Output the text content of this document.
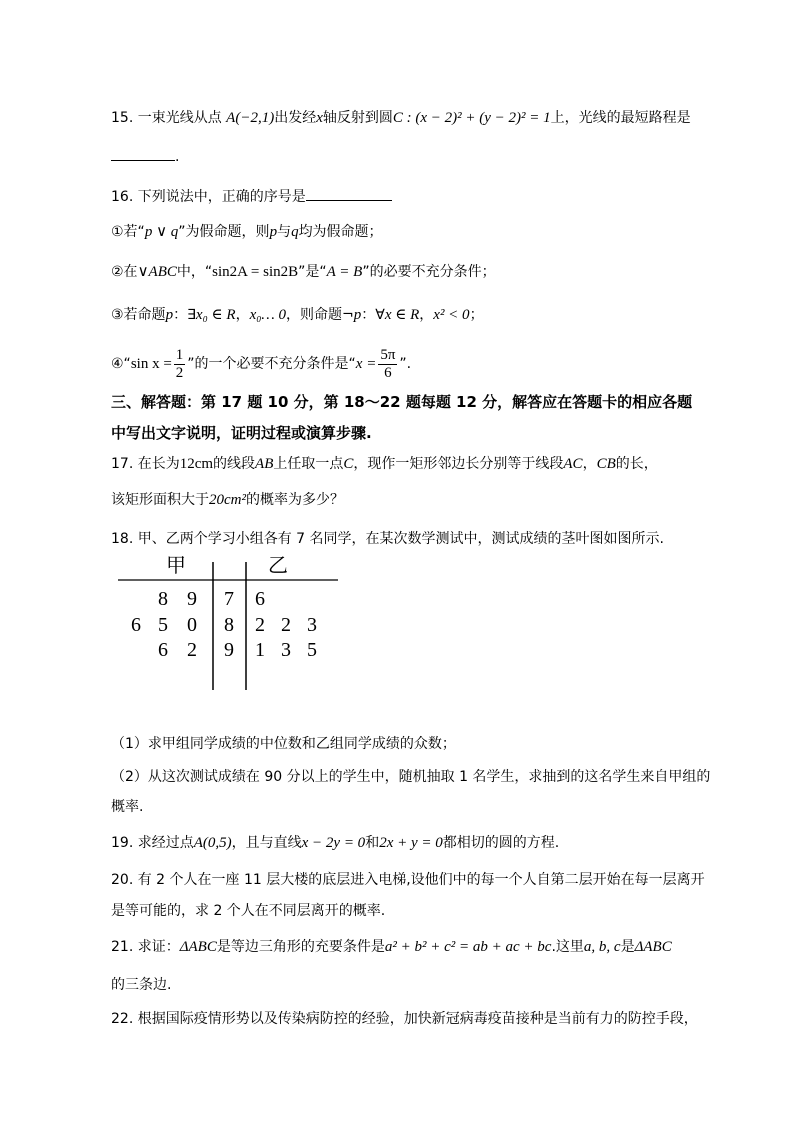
15. 一束光线从点 A(−2,1)出发经x轴反射到圆C : (x − 2)² + (y − 2)² = 1上，光线的最短路程是
.
16. 下列说法中，正确的序号是
①若“p ∨ q”为假命题，则p与q均为假命题；
②在∨ABC中，“sin2A = sin2B”是“A = B”的必要不充分条件；
③若命题p：∃x₀ ∈ R，x₀… 0，则命题¬p：∀x ∈ R，x² < 0；
④“sin $x = \frac{1}{2}$ ”的一个必要不充分条件是“$x = \frac{5\pi}{6}$ ”.
三、解答题：第 17 题 10 分，第 18～22 题每题 12 分，解答应在答题卡的相应各题
中写出文字说明，证明过程或演算步骤.
17. 在长为12cm的线段AB上任取一点C，现作一矩形邻边长分别等于线段AC，CB的长，
该矩形面积大于20cm²的概率为多少？
18. 甲、乙两个学习小组各有 7 名同学，在某次数学测试中，测试成绩的茎叶图如图所示.
甲	乙
8 9 7 6
6 5 0 8 2 2 3
6 2 9 1 3 5
（1）求甲组同学成绩的中位数和乙组同学成绩的众数；
（2）从这次测试成绩在 90 分以上的学生中，随机抽取 1 名学生，求抽到的这名学生来自甲组的
概率.
19. 求经过点A(0,5)，且与直线x − 2y = 0和2x + y = 0都相切的圆的方程.
20. 有 2 个人在一座 11 层大楼的底层进入电梯,设他们中的每一个人自第二层开始在每一层离开
是等可能的，求 2 个人在不同层离开的概率.
21. 求证：ΔABC是等边三角形的充要条件是a² + b² + c² = ab + ac + bc.这里a, b, c是ΔABC
的三条边.
22. 根据国际疫情形势以及传染病防控的经验，加快新冠病毒疫苗接种是当前有力的防控手段，
